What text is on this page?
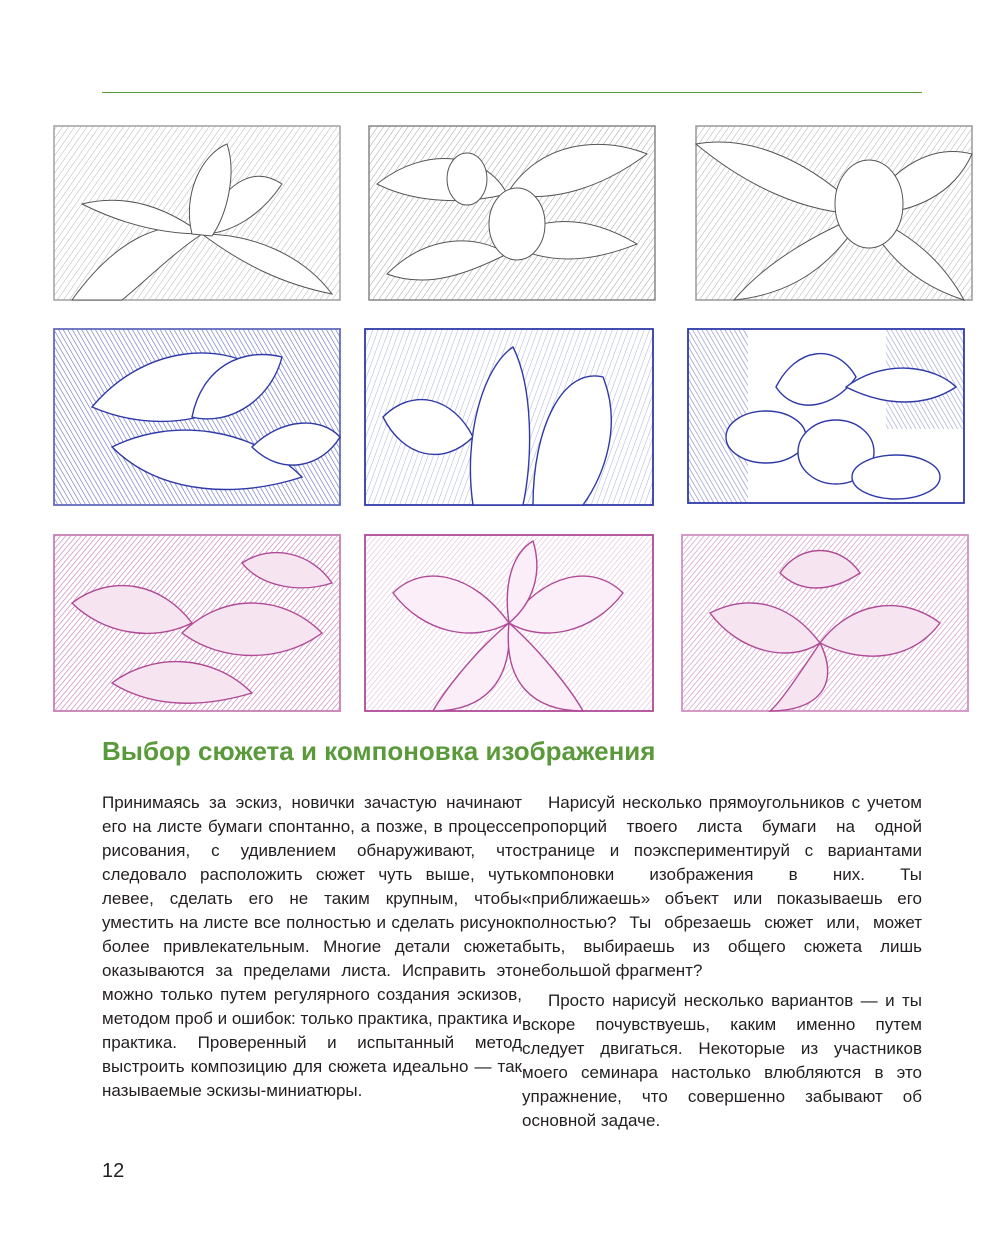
Выбор сюжета и компоновка изображения

Принимаясь за эскиз, новички зачастую начинают его на листе бумаги спонтанно, а позже, в процессе рисования, с удивлением обнаруживают, что следовало расположить сюжет чуть выше, чуть левее, сделать его не таким крупным, чтобы уместить на листе все полностью и сделать рисунок более привлекательным. Многие детали сюжета оказываются за пределами листа. Исправить это можно только путем регулярного создания эскизов, методом проб и ошибок: только практика, практика и практика. Проверенный и испытанный метод выстроить композицию для сюжета идеально — так называемые эскизы-миниатюры.

Нарисуй несколько прямоугольников с учетом пропорций твоего листа бумаги на одной странице и поэкспериментируй с вариантами компоновки изображения в них. Ты «приближаешь» объект или показываешь его полностью? Ты обрезаешь сюжет или, может быть, выбираешь из общего сюжета лишь небольшой фрагмент?

Просто нарисуй несколько вариантов — и ты вскоре почувствуешь, каким именно путем следует двигаться. Некоторые из участников моего семинара настолько влюбляются в это упражнение, что совершенно забывают об основной задаче.

12
